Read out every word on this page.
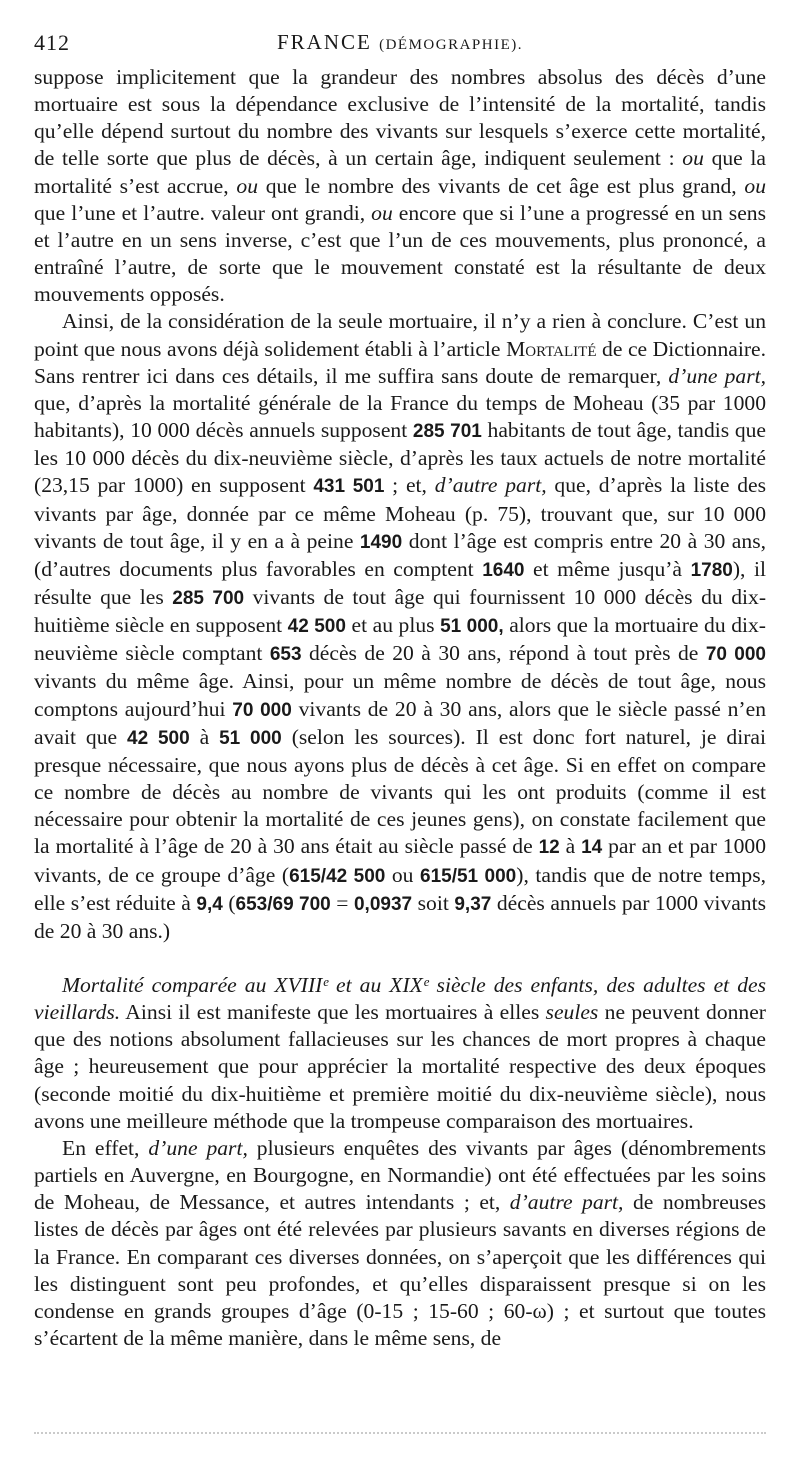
412	FRANCE (DÉMOGRAPHIE).

suppose implicitement que la grandeur des nombres absolus des décès d’une mortuaire est sous la dépendance exclusive de l’intensité de la mortalité, tandis qu’elle dépend surtout du nombre des vivants sur lesquels s’exerce cette mortalité, de telle sorte que plus de décès, à un certain âge, indiquent seulement : ou que la mortalité s’est accrue, ou que le nombre des vivants de cet âge est plus grand, ou que l’une et l’autre. valeur ont grandi, ou encore que si l’une a progressé en un sens et l’autre en un sens inverse, c’est que l’un de ces mouvements, plus prononcé, a entraîné l’autre, de sorte que le mouvement constaté est la résultante de deux mouvements opposés.

Ainsi, de la considération de la seule mortuaire, il n’y a rien à conclure. C’est un point que nous avons déjà solidement établi à l’article Mortalité de ce Dictionnaire. Sans rentrer ici dans ces détails, il me suffira sans doute de remarquer, d’une part, que, d’après la mortalité générale de la France du temps de Moheau (35 par 1000 habitants), 10 000 décès annuels supposent 285 701 habitants de tout âge, tandis que les 10 000 décès du dix-neuvième siècle, d’après les taux actuels de notre mortalité (23,15 par 1000) en supposent 431 501 ; et, d’autre part, que, d’après la liste des vivants par âge, donnée par ce même Moheau (p. 75), trouvant que, sur 10 000 vivants de tout âge, il y en a à peine 1490 dont l’âge est compris entre 20 à 30 ans, (d’autres documents plus favorables en comptent 1640 et même jusqu’à 1780), il résulte que les 285 700 vivants de tout âge qui fournissent 10 000 décès du dix-huitième siècle en supposent 42 500 et au plus 51 000, alors que la mortuaire du dix-neuvième siècle comptant 653 décès de 20 à 30 ans, répond à tout près de 70 000 vivants du même âge. Ainsi, pour un même nombre de décès de tout âge, nous comptons aujourd’hui 70 000 vivants de 20 à 30 ans, alors que le siècle passé n’en avait que 42 500 à 51 000 (selon les sources). Il est donc fort naturel, je dirai presque nécessaire, que nous ayons plus de décès à cet âge. Si en effet on compare ce nombre de décès au nombre de vivants qui les ont produits (comme il est nécessaire pour obtenir la mortalité de ces jeunes gens), on constate facilement que la mortalité à l’âge de 20 à 30 ans était au siècle passé de 12 à 14 par an et par 1000 vivants, de ce groupe d’âge (615/42 500 ou 615/51 000), tandis que de notre temps, elle s’est réduite à 9,4 (653/69 700 = 0,0937 soit 9,37 décès annuels par 1000 vivants de 20 à 30 ans.)

Mortalité comparée au XVIIIᵉ et au XIXᵉ siècle des enfants, des adultes et des vieillards. Ainsi il est manifeste que les mortuaires à elles seules ne peuvent donner que des notions absolument fallacieuses sur les chances de mort propres à chaque âge ; heureusement que pour apprécier la mortalité respective des deux époques (seconde moitié du dix-huitième et première moitié du dix-neuvième siècle), nous avons une meilleure méthode que la trompeuse comparaison des mortuaires.

En effet, d’une part, plusieurs enquêtes des vivants par âges (dénombrements partiels en Auvergne, en Bourgogne, en Normandie) ont été effectuées par les soins de Moheau, de Messance, et autres intendants ; et, d’autre part, de nombreuses listes de décès par âges ont été relevées par plusieurs savants en diverses régions de la France. En comparant ces diverses données, on s’aperçoit que les différences qui les distinguent sont peu profondes, et qu’elles disparaissent presque si on les condense en grands groupes d’âge (0-15 ; 15-60 ; 60-ω) ; et surtout que toutes s’écartent de la même manière, dans le même sens, de
